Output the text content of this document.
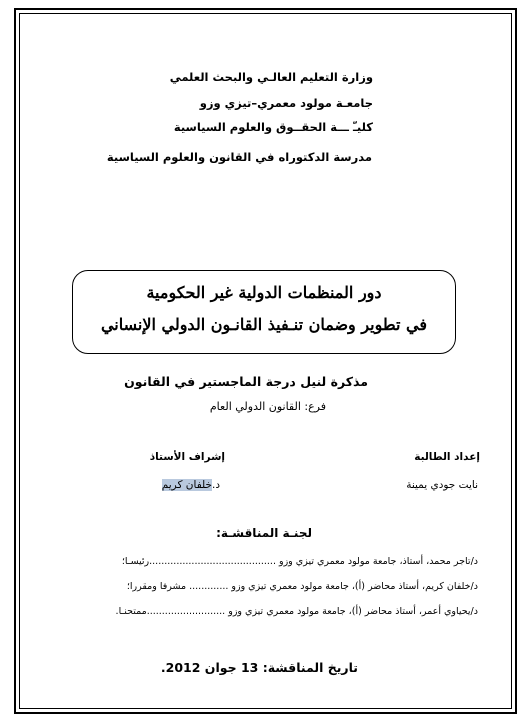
وزارة التعليم العالـي والبحث العلمي
جامعـة مولود معمري–تيزي وزو
كليـّ ـــة الحقــوق والعلوم السياسية
مدرسة الدكتوراه في القانون والعلوم السياسية
دور المنظمات الدولية غير الحكومية
في تطوير وضمان تنـفيذ القانـون الدولي الإنساني
مذكرة لنيل درجة الماجستير في القانون
فرع: القانون الدولي العام
إعداد الطالبة
نايت جودي يمينة
إشراف الأستاذ
د.خلفان كريم
لجنـة المناقشـة:
د/تاجر محمد، أستاذ، جامعة مولود معمري تيزي وزو ..........................................رئيسـا؛
د/خلفان كريم، أستاذ محاضر (أ)، جامعة مولود معمري تيزي وزو ............. مشرفا ومقررا؛
د/يحياوي أعمر، أستاذ محاضر (أ)، جامعة مولود معمري تيزي وزو ..........................ممتحنـا.
تاريخ المناقشة: 13 جوان 2012.
